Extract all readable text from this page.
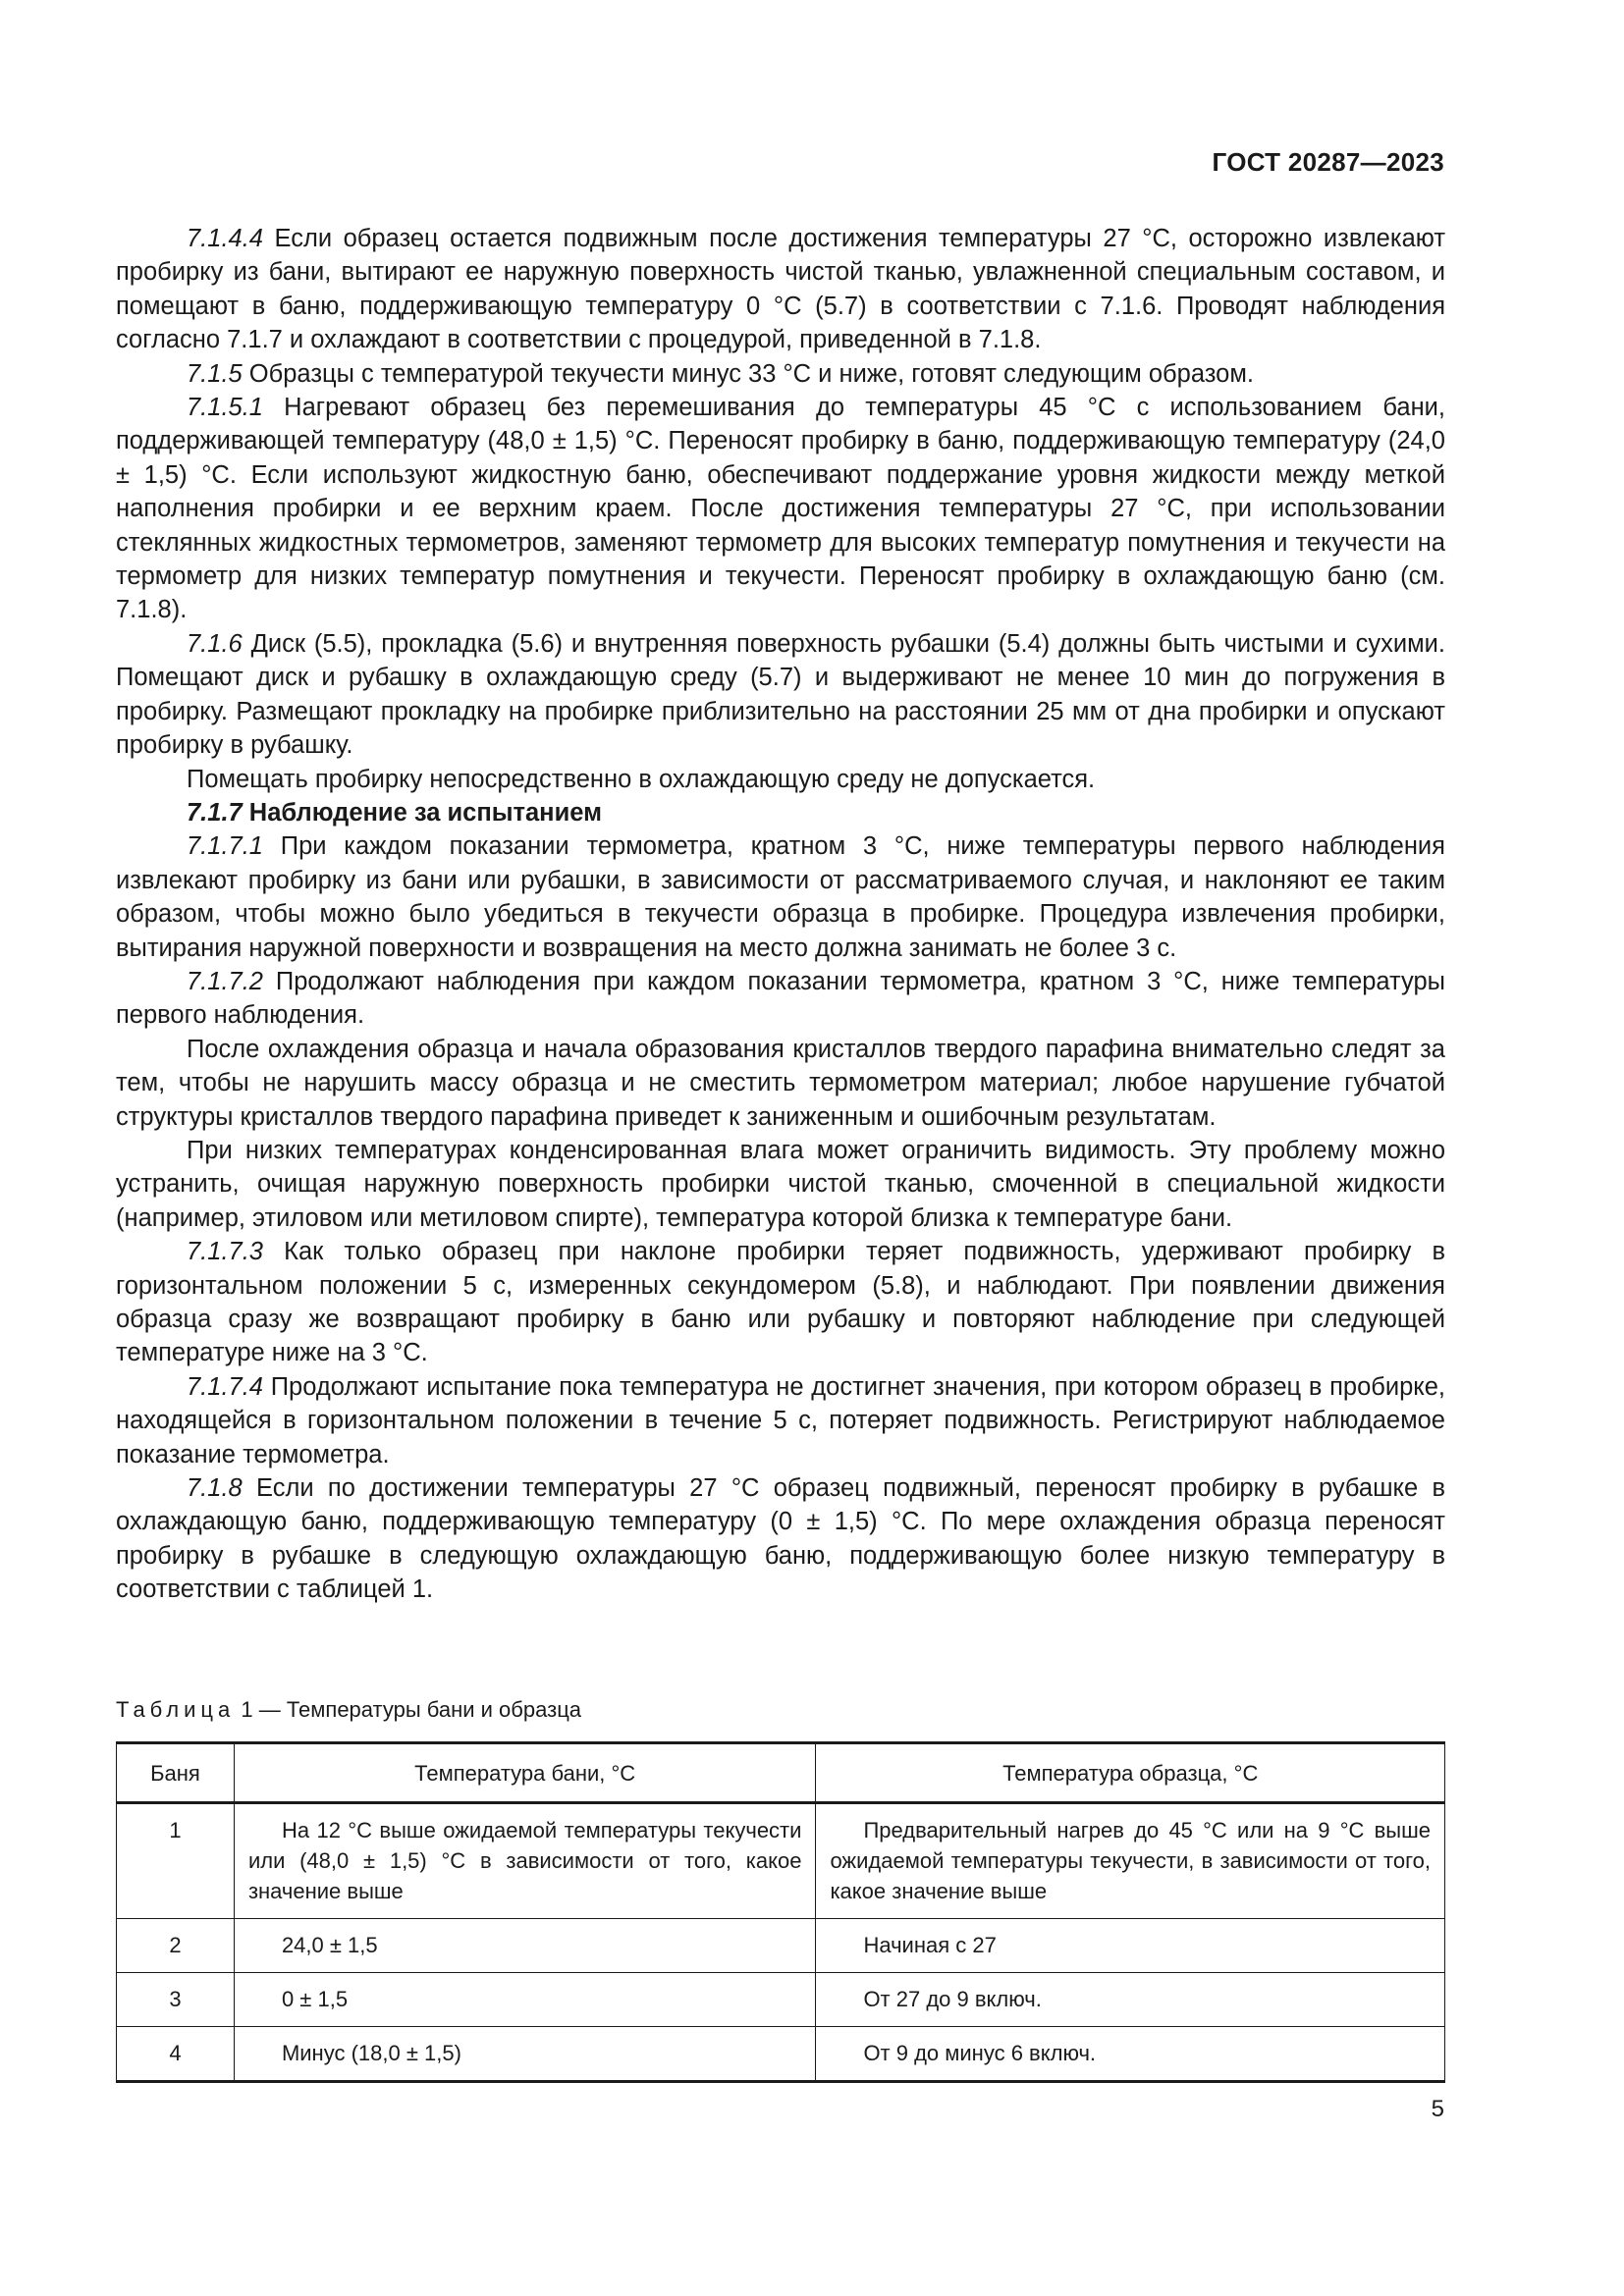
ГОСТ 20287—2023

7.1.4.4 Если образец остается подвижным после достижения температуры 27 °С, осторожно извлекают пробирку из бани, вытирают ее наружную поверхность чистой тканью, увлажненной специальным составом, и помещают в баню, поддерживающую температуру 0 °С (5.7) в соответствии с 7.1.6. Проводят наблюдения согласно 7.1.7 и охлаждают в соответствии с процедурой, приведенной в 7.1.8.

7.1.5 Образцы с температурой текучести минус 33 °С и ниже, готовят следующим образом.

7.1.5.1 Нагревают образец без перемешивания до температуры 45 °С с использованием бани, поддерживающей температуру (48,0 ± 1,5) °С. Переносят пробирку в баню, поддерживающую температуру (24,0 ± 1,5) °С. Если используют жидкостную баню, обеспечивают поддержание уровня жидкости между меткой наполнения пробирки и ее верхним краем. После достижения температуры 27 °С, при использовании стеклянных жидкостных термометров, заменяют термометр для высоких температур помутнения и текучести на термометр для низких температур помутнения и текучести. Переносят пробирку в охлаждающую баню (см. 7.1.8).

7.1.6 Диск (5.5), прокладка (5.6) и внутренняя поверхность рубашки (5.4) должны быть чистыми и сухими. Помещают диск и рубашку в охлаждающую среду (5.7) и выдерживают не менее 10 мин до погружения в пробирку. Размещают прокладку на пробирке приблизительно на расстоянии 25 мм от дна пробирки и опускают пробирку в рубашку.

Помещать пробирку непосредственно в охлаждающую среду не допускается.

7.1.7 Наблюдение за испытанием

7.1.7.1 При каждом показании термометра, кратном 3 °С, ниже температуры первого наблюдения извлекают пробирку из бани или рубашки, в зависимости от рассматриваемого случая, и наклоняют ее таким образом, чтобы можно было убедиться в текучести образца в пробирке. Процедура извлечения пробирки, вытирания наружной поверхности и возвращения на место должна занимать не более 3 с.

7.1.7.2 Продолжают наблюдения при каждом показании термометра, кратном 3 °С, ниже температуры первого наблюдения.

После охлаждения образца и начала образования кристаллов твердого парафина внимательно следят за тем, чтобы не нарушить массу образца и не сместить термометром материал; любое нарушение губчатой структуры кристаллов твердого парафина приведет к заниженным и ошибочным результатам.

При низких температурах конденсированная влага может ограничить видимость. Эту проблему можно устранить, очищая наружную поверхность пробирки чистой тканью, смоченной в специальной жидкости (например, этиловом или метиловом спирте), температура которой близка к температуре бани.

7.1.7.3 Как только образец при наклоне пробирки теряет подвижность, удерживают пробирку в горизонтальном положении 5 с, измеренных секундомером (5.8), и наблюдают. При появлении движения образца сразу же возвращают пробирку в баню или рубашку и повторяют наблюдение при следующей температуре ниже на 3 °С.

7.1.7.4 Продолжают испытание пока температура не достигнет значения, при котором образец в пробирке, находящейся в горизонтальном положении в течение 5 с, потеряет подвижность. Регистрируют наблюдаемое показание термометра.

7.1.8 Если по достижении температуры 27 °С образец подвижный, переносят пробирку в рубашке в охлаждающую баню, поддерживающую температуру (0 ± 1,5) °С. По мере охлаждения образца переносят пробирку в рубашке в следующую охлаждающую баню, поддерживающую более низкую температуру в соответствии с таблицей 1.

Таблица 1 — Температуры бани и образца
Баня	Температура бани, °С	Температура образца, °С
1	На 12 °С выше ожидаемой температуры текучести или (48,0 ± 1,5) °С в зависимости от того, какое значение выше	Предварительный нагрев до 45 °С или на 9 °С выше ожидаемой температуры текучести, в зависимости от того, какое значение выше
2	24,0 ± 1,5	Начиная с 27
3	0 ± 1,5	От 27 до 9 включ.
4	Минус (18,0 ± 1,5)	От 9 до минус 6 включ.
5
